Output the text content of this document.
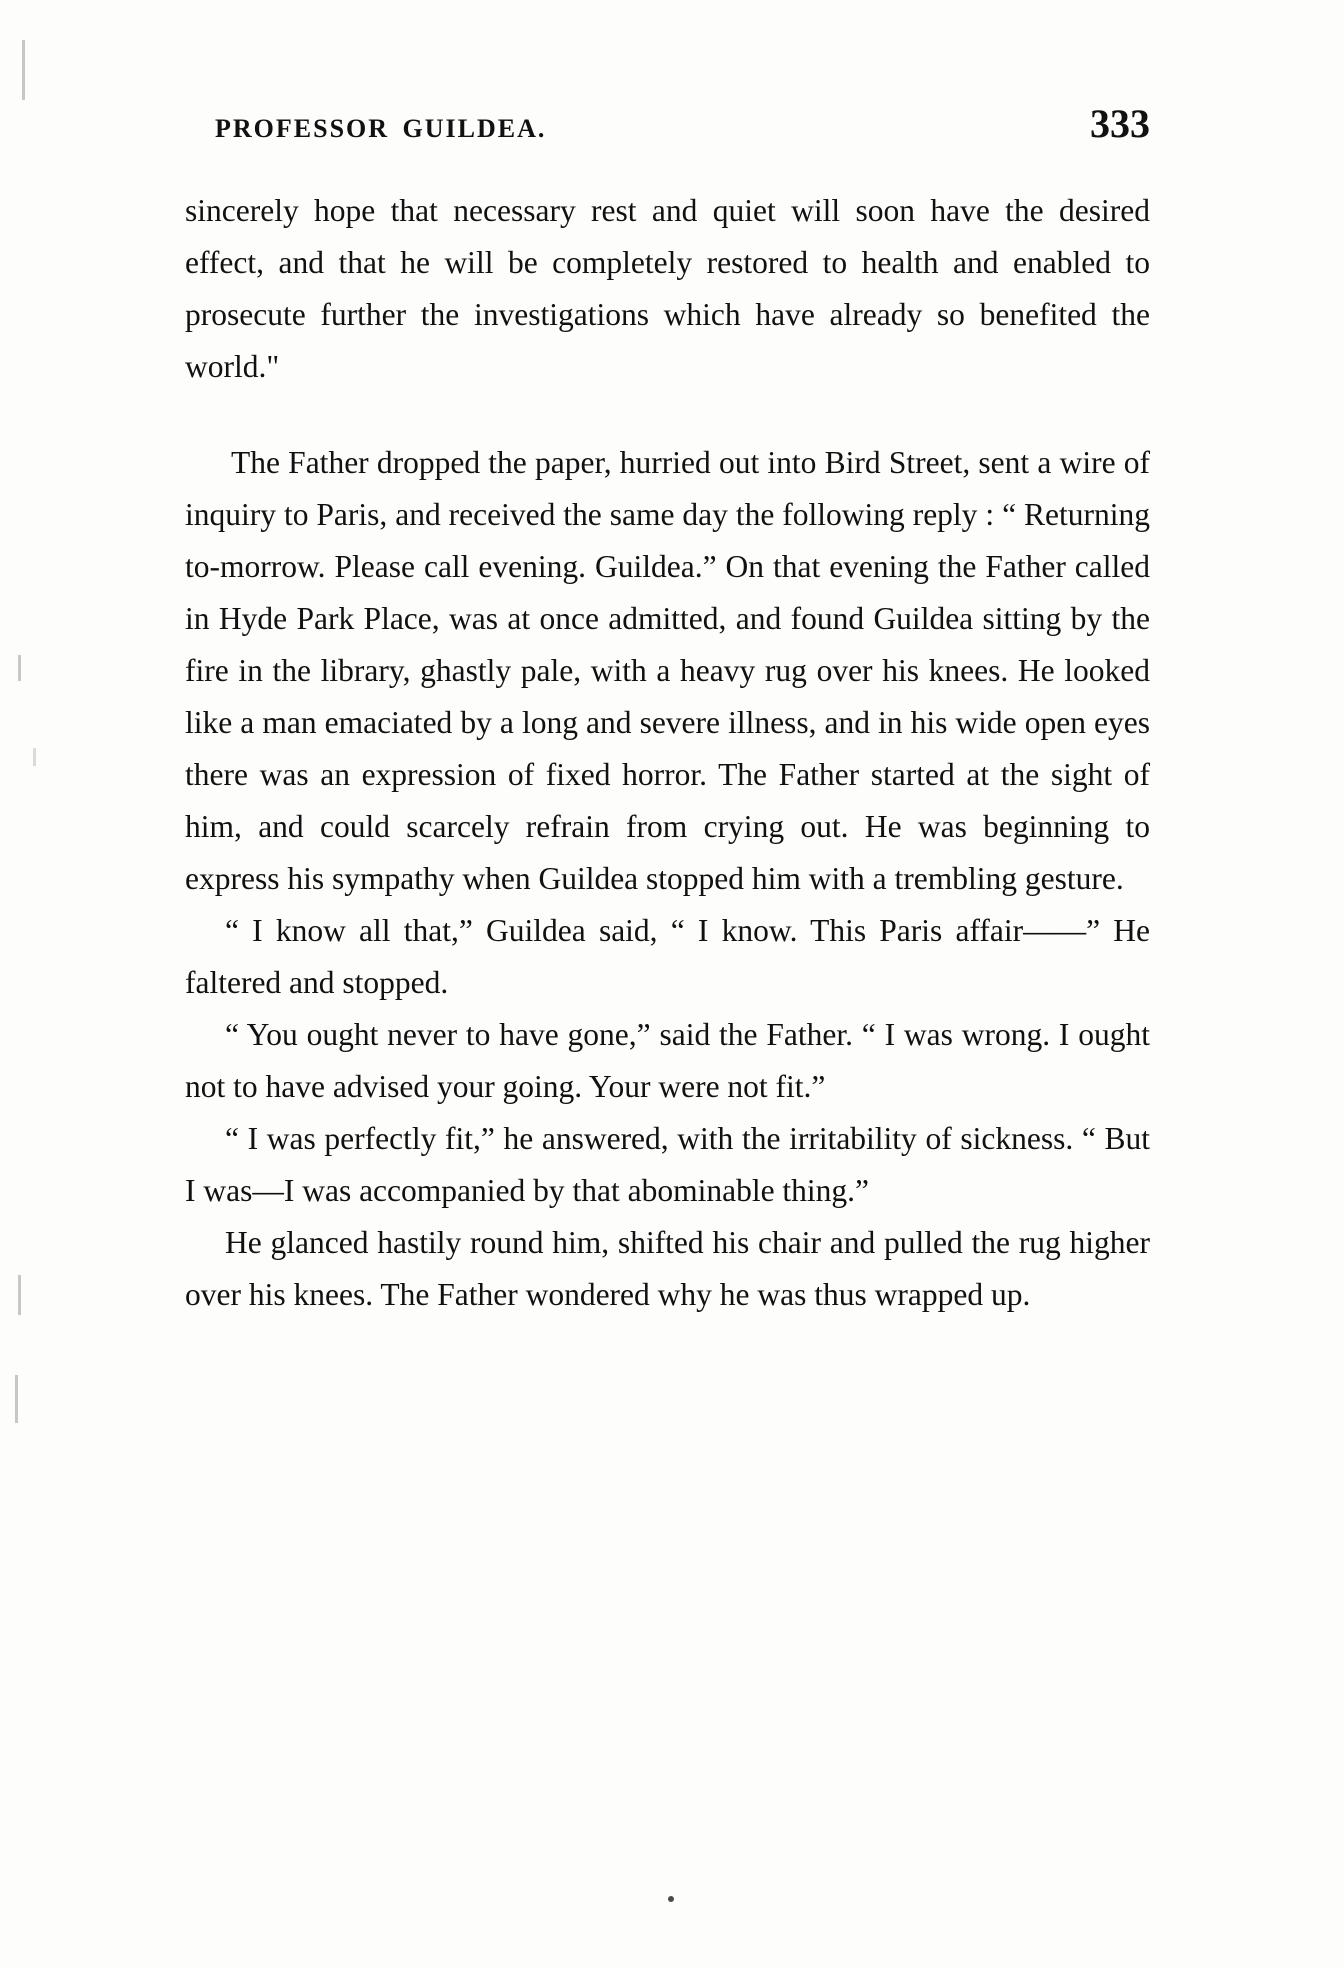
PROFESSOR GUILDEA.	333

sincerely hope that necessary rest and quiet will soon have the desired effect, and that he will be completely restored to health and enabled to prosecute further the investigations which have already so benefited the world."

The Father dropped the paper, hurried out into Bird Street, sent a wire of inquiry to Paris, and received the same day the following reply : “ Returning to-morrow. Please call evening. Guildea.” On that evening the Father called in Hyde Park Place, was at once admitted, and found Guildea sitting by the fire in the library, ghastly pale, with a heavy rug over his knees. He looked like a man emaciated by a long and severe illness, and in his wide open eyes there was an expression of fixed horror. The Father started at the sight of him, and could scarcely refrain from crying out. He was beginning to express his sympathy when Guildea stopped him with a trembling gesture.

“ I know all that,” Guildea said, “ I know. This Paris affair——” He faltered and stopped.

“ You ought never to have gone,” said the Father. “ I was wrong. I ought not to have advised your going. Your were not fit.”

“ I was perfectly fit,” he answered, with the irritability of sickness. “ But I was—I was accompanied by that abominable thing.”

He glanced hastily round him, shifted his chair and pulled the rug higher over his knees. The Father wondered why he was thus wrapped up.
